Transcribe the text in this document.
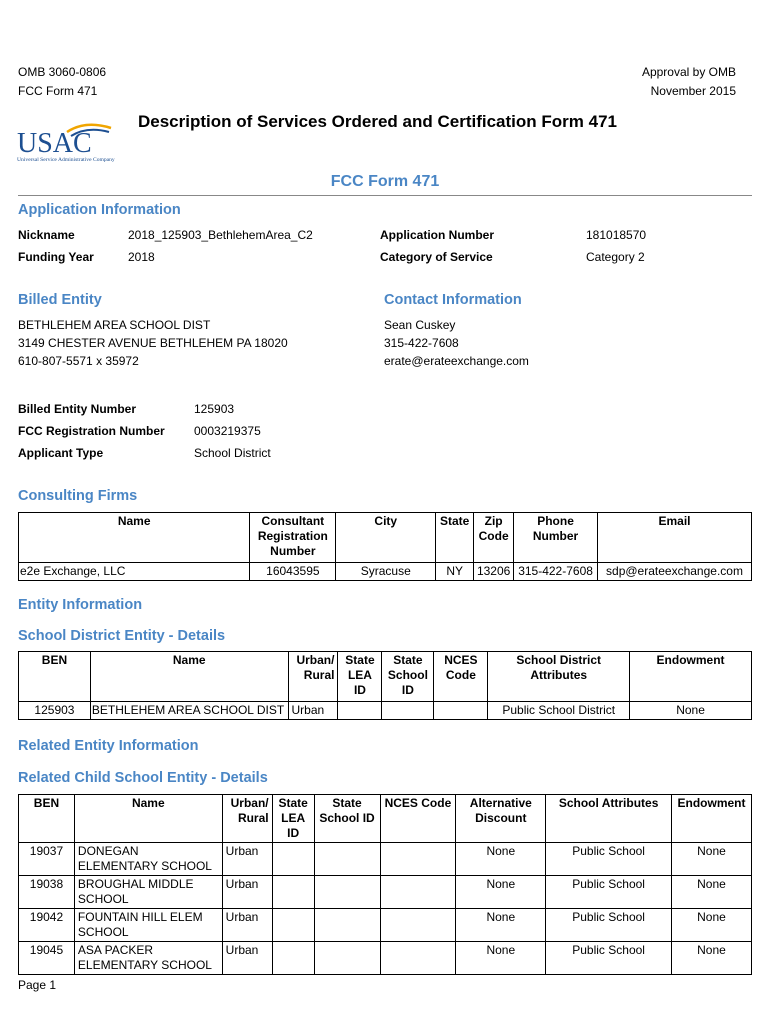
OMB 3060-0806
FCC Form 471
Approval by OMB
November 2015
USAC
Universal Service Administrative Company
Description of Services Ordered and Certification Form 471
FCC Form 471
Application Information
Nickname	2018_125903_BethlehemArea_C2	Application Number	181018570
Funding Year	2018	Category of Service	Category 2
Billed Entity	Contact Information
BETHLEHEM AREA SCHOOL DIST
3149 CHESTER AVENUE BETHLEHEM PA 18020
610-807-5571 x 35972
Sean Cuskey
315-422-7608
erate@erateexchange.com
Billed Entity Number	125903
FCC Registration Number 0003219375
Applicant Type	School District
Consulting Firms
Name	Consultant Registration Number	City	State	Zip Code	Phone Number	Email
e2e Exchange, LLC	16043595	Syracuse	NY	13206	315-422-7608	sdp@erateexchange.com
Entity Information
School District Entity - Details
BEN	Name	Urban/ Rural	State LEA ID	State School ID	NCES Code	School District Attributes	Endowment
125903	BETHLEHEM AREA SCHOOL DIST	Urban				Public School District	None
Related Entity Information
Related Child School Entity - Details
BEN	Name	Urban/ Rural	State LEA ID	State School ID	NCES Code	Alternative Discount	School Attributes	Endowment
19037	DONEGAN ELEMENTARY SCHOOL	Urban				None	Public School	None
19038	BROUGHAL MIDDLE SCHOOL	Urban				None	Public School	None
19042	FOUNTAIN HILL ELEM SCHOOL	Urban				None	Public School	None
19045	ASA PACKER ELEMENTARY SCHOOL	Urban				None	Public School	None
Page 1
